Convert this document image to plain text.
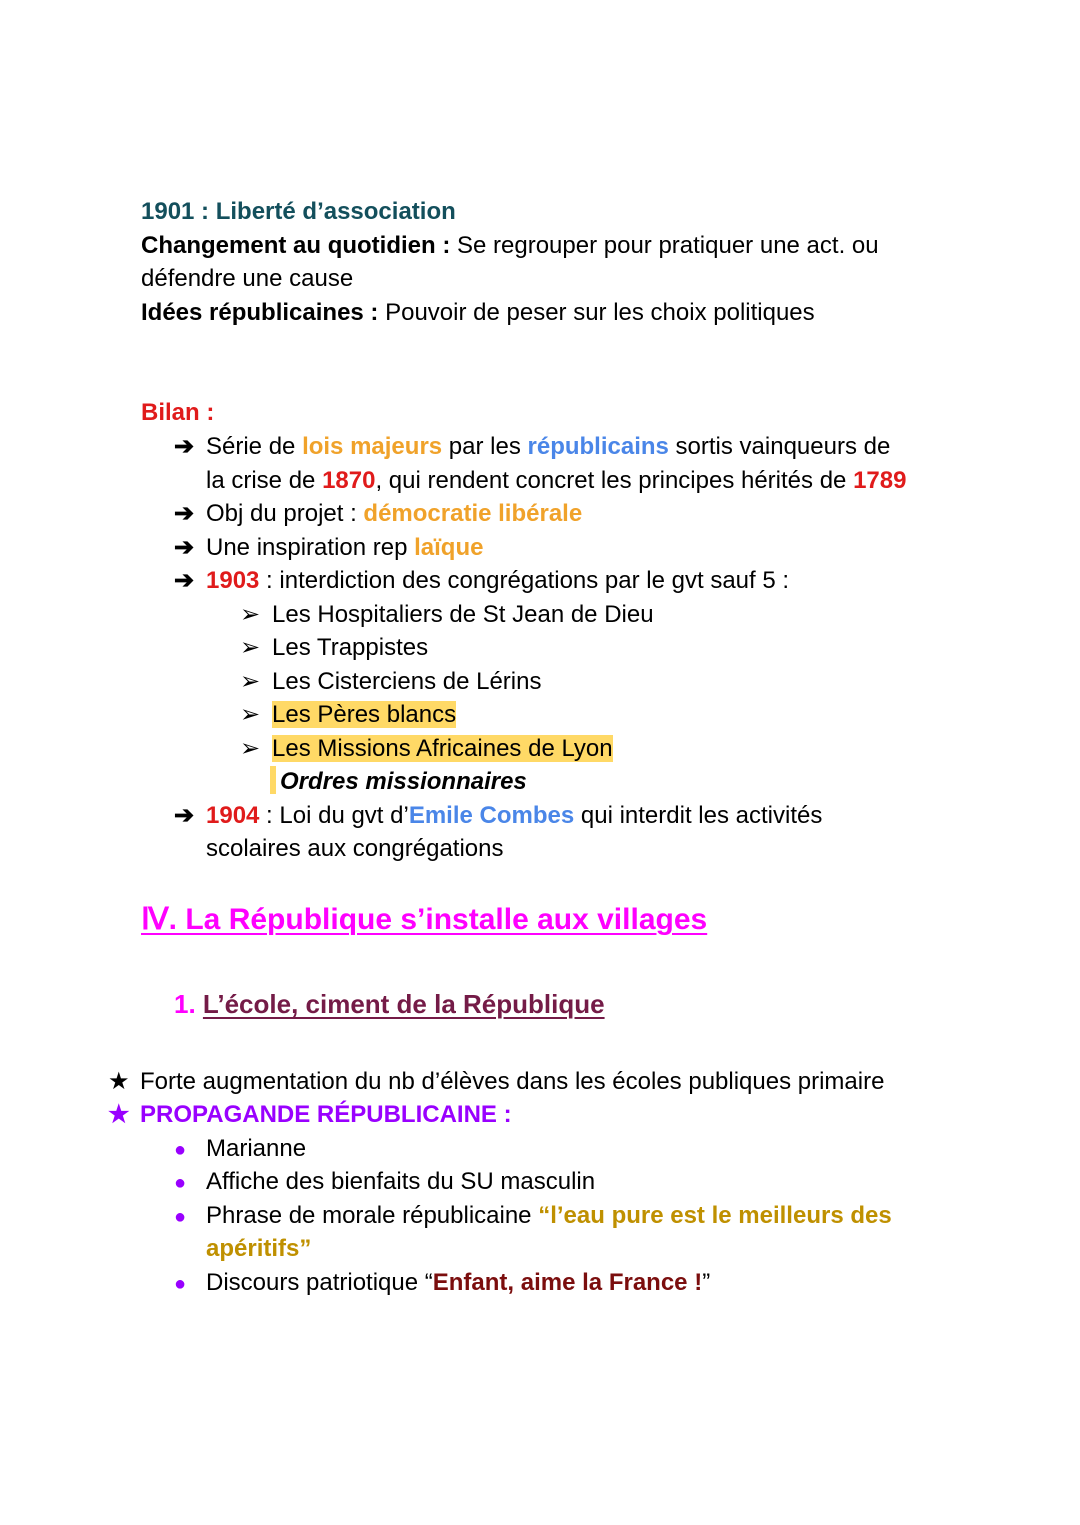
1901 : Liberté d’association
Changement au quotidien : Se regrouper pour pratiquer une act. ou
défendre une cause
Idées républicaines : Pouvoir de peser sur les choix politiques
Bilan :
➔ Série de lois majeurs par les républicains sortis vainqueurs de
la crise de 1870, qui rendent concret les principes hérités de 1789
➔ Obj du projet : démocratie libérale
➔ Une inspiration rep laïque
➔ 1903 : interdiction des congrégations par le gvt sauf 5 :
➢ Les Hospitaliers de St Jean de Dieu
➢ Les Trappistes
➢ Les Cisterciens de Lérins
➢ Les Pères blancs
➢ Les Missions Africaines de Lyon
Ordres missionnaires
➔ 1904 : Loi du gvt d’Emile Combes qui interdit les activités
scolaires aux congrégations
Ⅳ. La République s’installe aux villages
1. L’école, ciment de la République
★ Forte augmentation du nb d’élèves dans les écoles publiques primaire
★ PROPAGANDE RÉPUBLICAINE :
● Marianne
● Affiche des bienfaits du SU masculin
● Phrase de morale républicaine “l’eau pure est le meilleurs des
apéritifs”
● Discours patriotique “Enfant, aime la France !”
